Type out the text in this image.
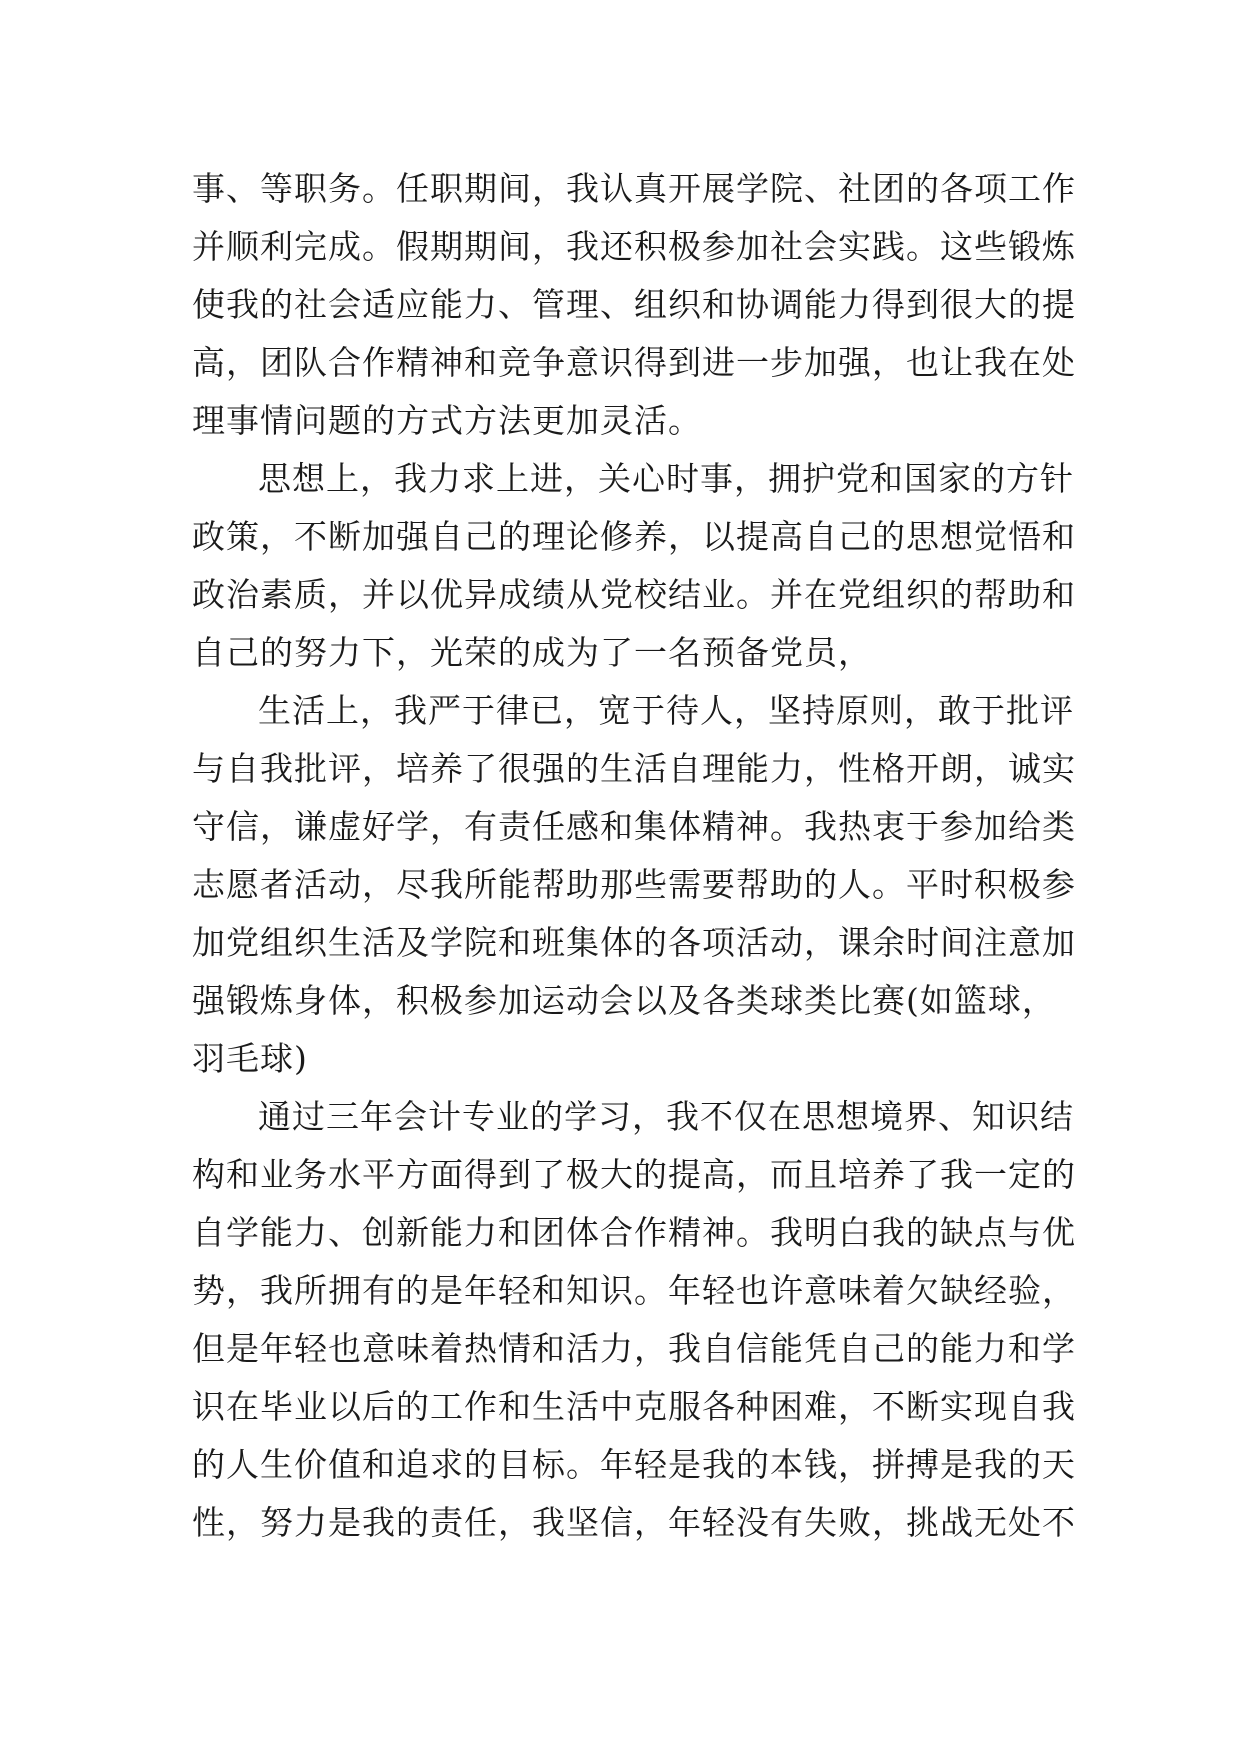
事、等职务。任职期间，我认真开展学院、社团的各项工作
并顺利完成。假期期间，我还积极参加社会实践。这些锻炼
使我的社会适应能力、管理、组织和协调能力得到很大的提
高，团队合作精神和竞争意识得到进一步加强，也让我在处
理事情问题的方式方法更加灵活。
思想上，我力求上进，关心时事，拥护党和国家的方针
政策，不断加强自己的理论修养，以提高自己的思想觉悟和
政治素质，并以优异成绩从党校结业。并在党组织的帮助和
自己的努力下，光荣的成为了一名预备党员，
生活上，我严于律已，宽于待人，坚持原则，敢于批评
与自我批评，培养了很强的生活自理能力，性格开朗，诚实
守信，谦虚好学，有责任感和集体精神。我热衷于参加给类
志愿者活动，尽我所能帮助那些需要帮助的人。平时积极参
加党组织生活及学院和班集体的各项活动，课余时间注意加
强锻炼身体，积极参加运动会以及各类球类比赛(如篮球，
羽毛球)
通过三年会计专业的学习，我不仅在思想境界、知识结
构和业务水平方面得到了极大的提高，而且培养了我一定的
自学能力、创新能力和团体合作精神。我明白我的缺点与优
势，我所拥有的是年轻和知识。年轻也许意味着欠缺经验，
但是年轻也意味着热情和活力，我自信能凭自己的能力和学
识在毕业以后的工作和生活中克服各种困难，不断实现自我
的人生价值和追求的目标。年轻是我的本钱，拼搏是我的天
性，努力是我的责任，我坚信，年轻没有失败，挑战无处不
